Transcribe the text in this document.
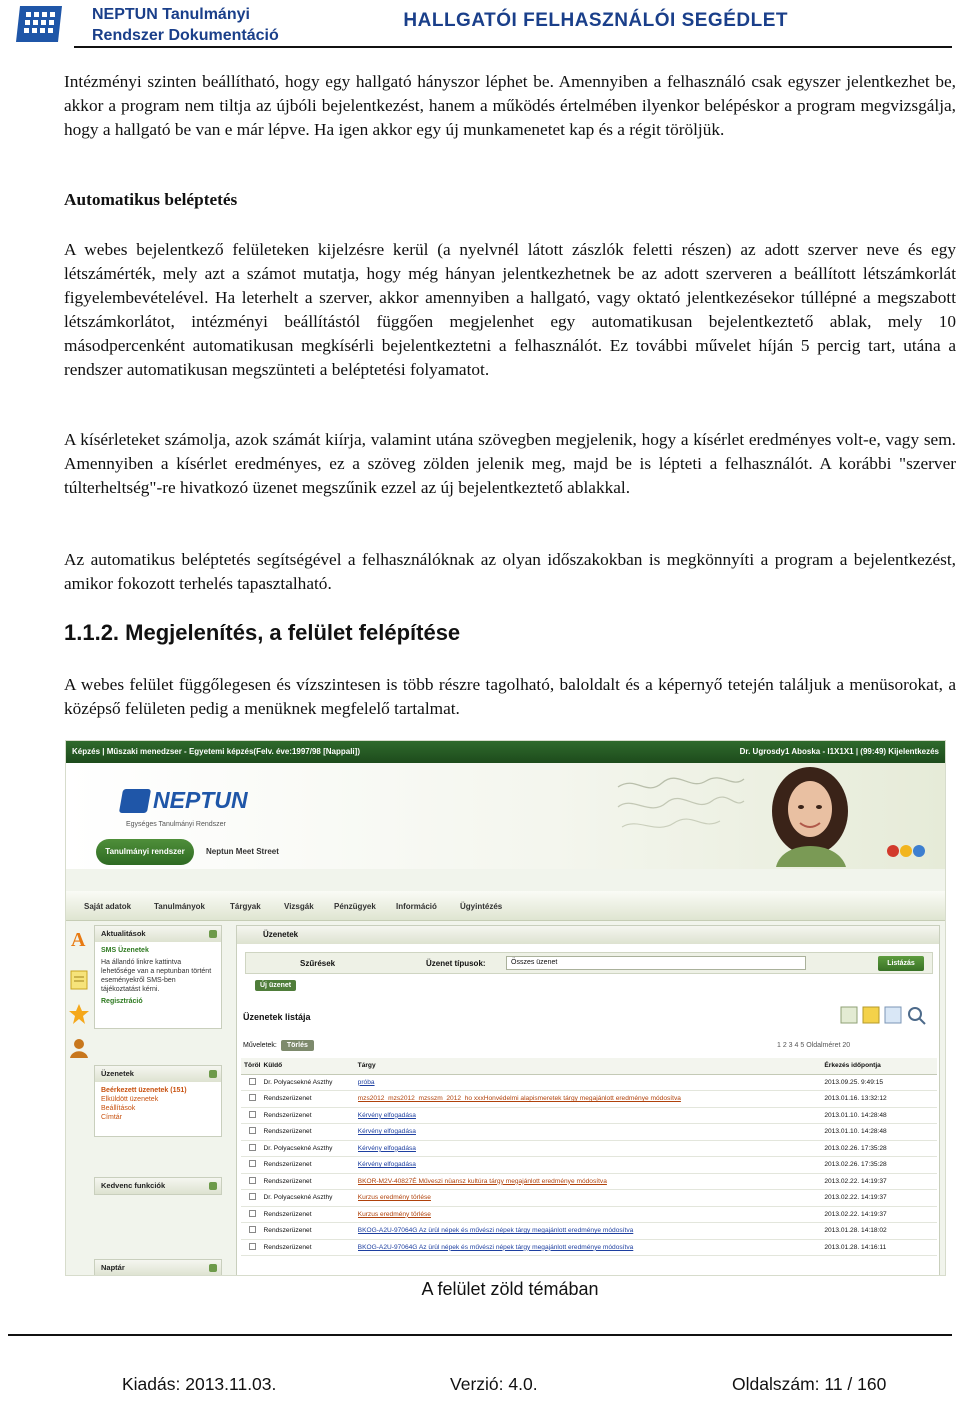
NEPTUN Tanulmányi
Rendszer Dokumentáció
HALLGATÓI FELHASZNÁLÓI SEGÉDLET
Intézményi szinten beállítható, hogy egy hallgató hányszor léphet be. Amennyiben a felhasználó csak egyszer jelentkezhet be, akkor a program nem tiltja az újbóli bejelentkezést, hanem a működés értelmében ilyenkor belépéskor a program megvizsgálja, hogy a hallgató be van e már lépve. Ha igen akkor egy új munkamenetet kap és a régit töröljük.
Automatikus beléptetés
A webes bejelentkező felületeken kijelzésre kerül (a nyelvnél látott zászlók feletti részen) az adott szerver neve és egy létszámérték, mely azt a számot mutatja, hogy még hányan jelentkezhetnek be az adott szerveren a beállított létszámkorlát figyelembevételével. Ha leterhelt a szerver, akkor amennyiben a hallgató, vagy oktató jelentkezésekor túllépné a megszabott létszámkorlátot, intézményi beállítástól függően megjelenhet egy automatikusan bejelentkeztető ablak, mely 10 másodpercenként automatikusan megkísérli bejelentkeztetni a felhasználót. Ez további művelet híján 5 percig tart, utána a rendszer automatikusan megszünteti a beléptetési folyamatot.
A kísérleteket számolja, azok számát kiírja, valamint utána szövegben megjelenik, hogy a kísérlet eredményes volt-e, vagy sem. Amennyiben a kísérlet eredményes, ez a szöveg zölden jelenik meg, majd be is lépteti a felhasználót. A korábbi "szerver túlterheltség"-re hivatkozó üzenet megszűnik ezzel az új bejelentkeztető ablakkal.
Az automatikus beléptetés segítségével a felhasználóknak az olyan időszakokban is megkönnyíti a program a bejelentkezést, amikor fokozott terhelés tapasztalható.
1.1.2. Megjelenítés, a felület felépítése
A webes felület függőlegesen és vízszintesen is több részre tagolható, baloldalt és a képernyő tetején találjuk a menüsorokat, a középső felületen pedig a menüknek megfelelő tartalmat.
Képzés | Műszaki menedzser - Egyetemi képzés(Felv. éve:1997/98 [Nappali])	Dr. Ugrosdy1 Aboska - I1X1X1 | (99:49) Kijelentkezés
NEPTUN
Egységes Tanulmányi Rendszer
Tanulmányi rendszer	Neptun Meet Street
Saját adatok	Tanulmányok	Tárgyak	Vizsgák	Pénzügyek	Információ	Ügyintézés
A	Aktualitások
SMS Üzenetek
Ha állandó linkre kattintva lehetősége van a neptunban történt eseményekről SMS-ben tájékoztatást kérni.
Regisztráció
Üzenetek
Beérkezett üzenetek (151)
Elküldött üzenetek
Beállítások
Címtár
Kedvenc funkciók
Naptár
Üzenetek
Szűrések	Üzenet típusok:	Összes üzenet	Listázás
Új üzenet
Üzenetek listája
Műveletek: Törlés	1 2 3 4 5 Oldalméret 20
Töröl	Küldő	Tárgy	Érkezés időpontja
	Dr. Polyacsekné Aszthy	próba	2013.09.25. 9:49:15
	Rendszerüzenet	mzs2012_mzs2012_mzsszm_2012_ho xxxHonvédelmi alapismeretek tárgy megajánlott eredménye módosítva	2013.01.16. 13:32:12
	Rendszerüzenet	Kérvény elfogadása	2013.01.10. 14:28:48
	Rendszerüzenet	Kérvény elfogadása	2013.01.10. 14:28:48
	Dr. Polyacsekné Aszthy	Kérvény elfogadása	2013.02.26. 17:35:28
	Rendszerüzenet	Kérvény elfogadása	2013.02.26. 17:35:28
	Rendszerüzenet	BKOR-M2V-40827É Műveszi nüansz kultúra tárgy megajánlott eredménye módosítva	2013.02.22. 14:19:37
	Dr. Polyacsekné Aszthy	Kurzus eredmény törlése	2013.02.22. 14:19:37
	Rendszerüzenet	Kurzus eredmény törlése	2013.02.22. 14:19:37
	Rendszerüzenet	BKOG-A2U-97064G Az ürül népek és művészi népek tárgy megajánlott eredménye módosítva	2013.01.28. 14:18:02
	Rendszerüzenet	BKOG-A2U-97064G Az ürül népek és művészi népek tárgy megajánlott eredménye módosítva	2013.01.28. 14:16:11
A felület zöld témában
Kiadás: 2013.11.03.	Verzió: 4.0.	Oldalszám: 11 / 160
